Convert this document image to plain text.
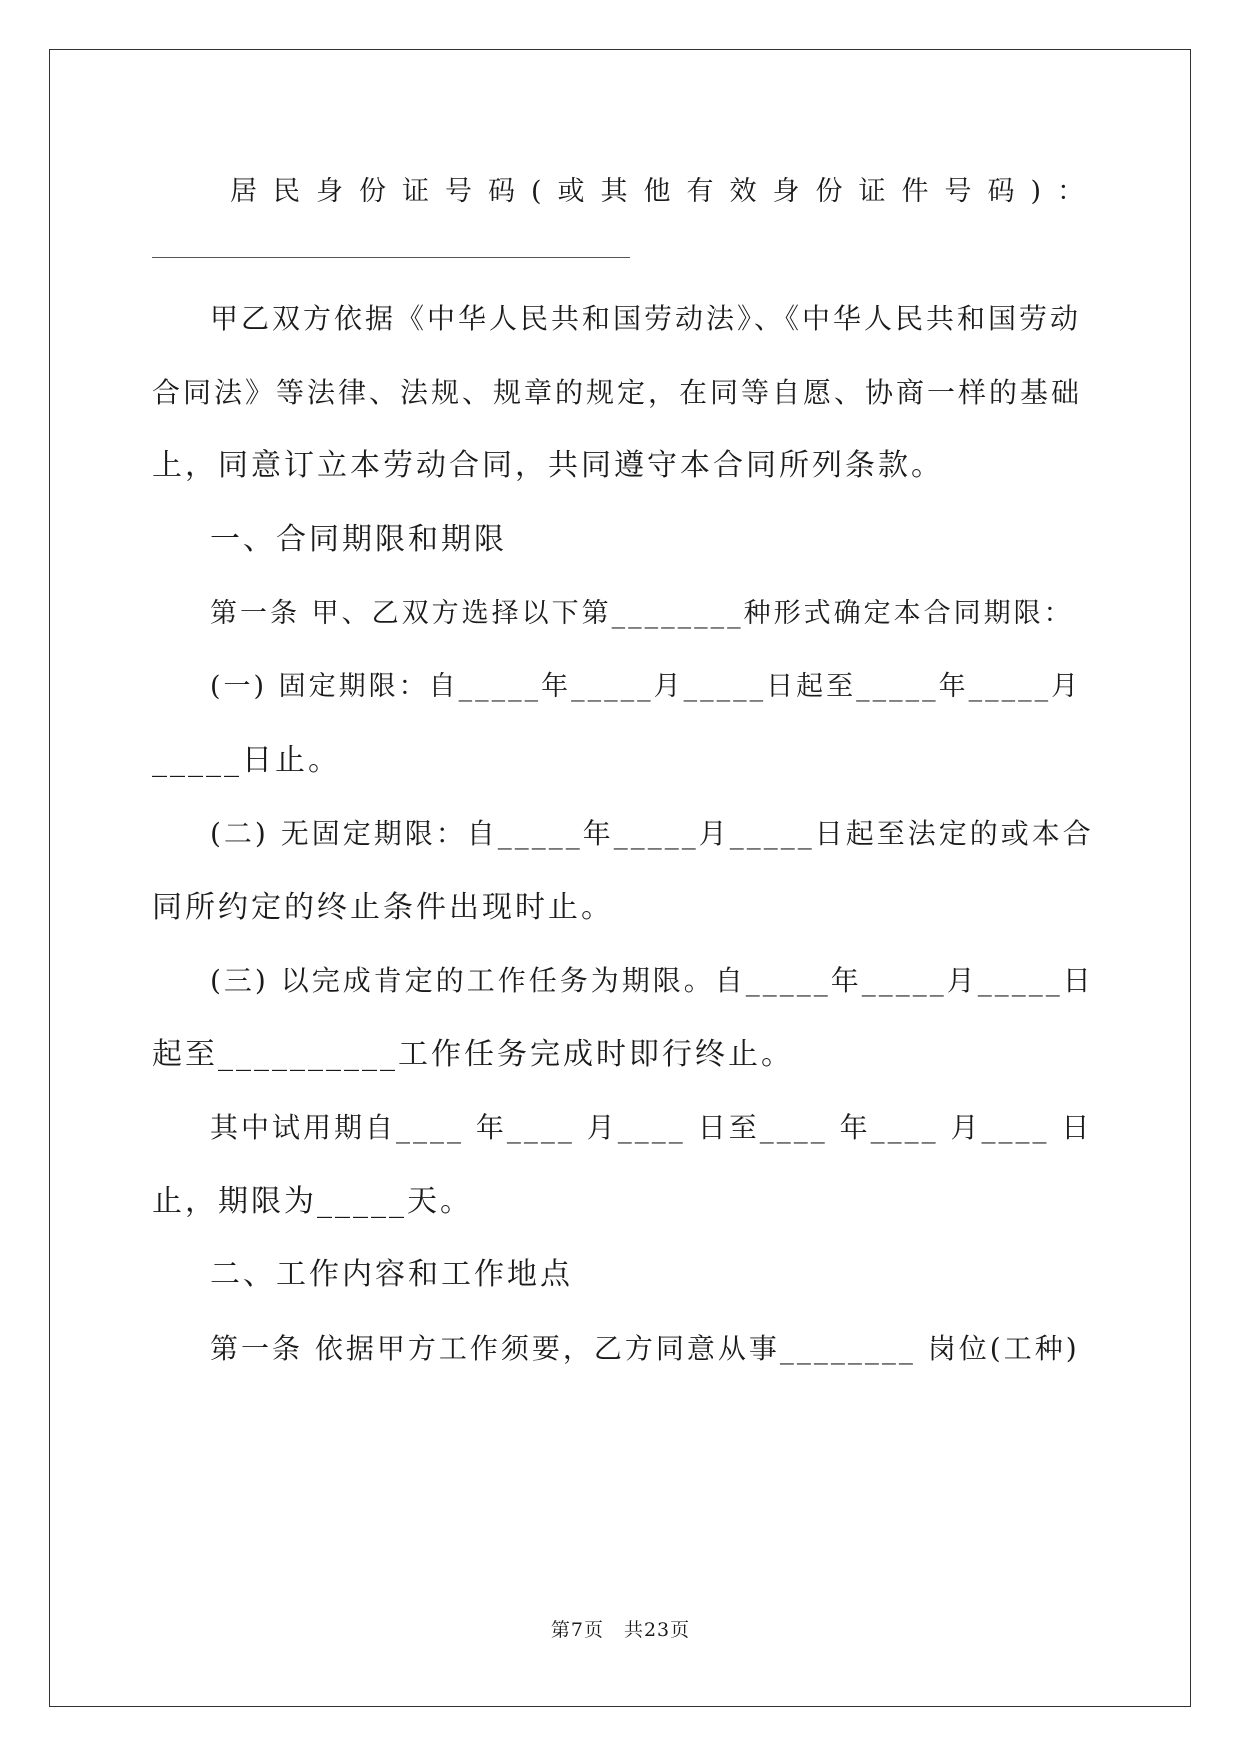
居民身份证号码(或其他有效身份证件号码)：
甲乙双方依据《中华人民共和国劳动法》、《中华人民共和国劳动
合同法》等法律、法规、规章的规定，在同等自愿、协商一样的基础
上，同意订立本劳动合同，共同遵守本合同所列条款。
一、合同期限和期限
第一条 甲、乙双方选择以下第________种形式确定本合同期限：
(一) 固定期限：自_____年_____月_____日起至_____年_____月
_____日止。
(二) 无固定期限：自_____年_____月_____日起至法定的或本合
同所约定的终止条件出现时止。
(三) 以完成肯定的工作任务为期限。自_____年_____月_____日
起至__________工作任务完成时即行终止。
其中试用期自____ 年____ 月____ 日至____ 年____ 月____ 日
止，期限为_____天。
二、工作内容和工作地点
第一条 依据甲方工作须要，乙方同意从事________ 岗位(工种)
第7页　共23页
